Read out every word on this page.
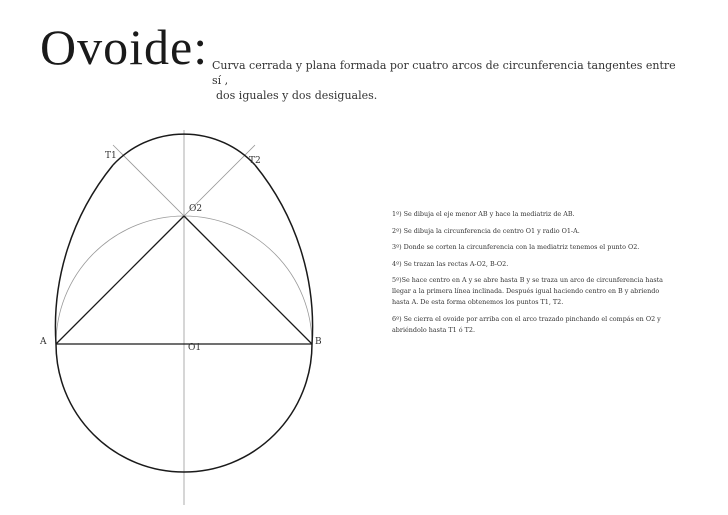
Ovoide: Curva cerrada y plana formada por cuatro arcos de circunferencia tangentes entre sí ,
dos iguales y dos desiguales.
A	B
O1
O2
T1	T2
1º) Se dibuja el eje menor AB y hace la mediatriz de AB.
2º) Se dibuja la circunferencia de centro O1 y radio O1-A.
3º) Donde se corten la circunferencia con la mediatriz tenemos el punto O2.
4º) Se trazan las rectas A-O2, B-O2.
5º)Se hace centro en A y se abre hasta B y se traza un arco de circunferencia hasta llegar a la primera línea inclinada. Después igual haciendo centro en B y abriendo hasta A. De esta forma obtenemos los puntos T1, T2.
6º) Se cierra el ovoide por arriba con el arco trazado pinchando el compás en O2 y abriéndolo hasta T1 ó T2.
